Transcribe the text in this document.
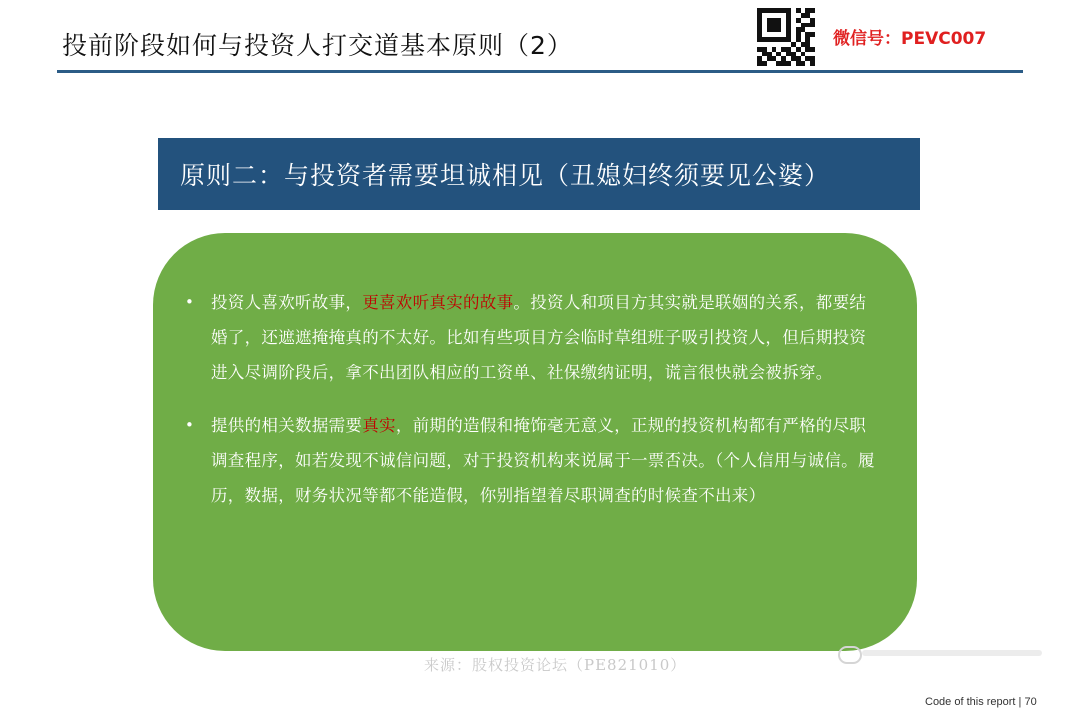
投前阶段如何与投资人打交道基本原则（2）	微信号：PEVC007
原则二：与投资者需要坦诚相见（丑媳妇终须要见公婆）
•	投资人喜欢听故事，更喜欢听真实的故事。投资人和项目方其实就是联姻的关系，都要结婚了，还遮遮掩掩真的不太好。比如有些项目方会临时草组班子吸引投资人，但后期投资进入尽调阶段后，拿不出团队相应的工资单、社保缴纳证明，谎言很快就会被拆穿。
•	提供的相关数据需要真实，前期的造假和掩饰毫无意义，正规的投资机构都有严格的尽职调查程序，如若发现不诚信问题，对于投资机构来说属于一票否决。（个人信用与诚信。履历，数据，财务状况等都不能造假，你别指望着尽职调查的时候查不出来）
来源：股权投资论坛（PE821010）
Code of this report | 70
